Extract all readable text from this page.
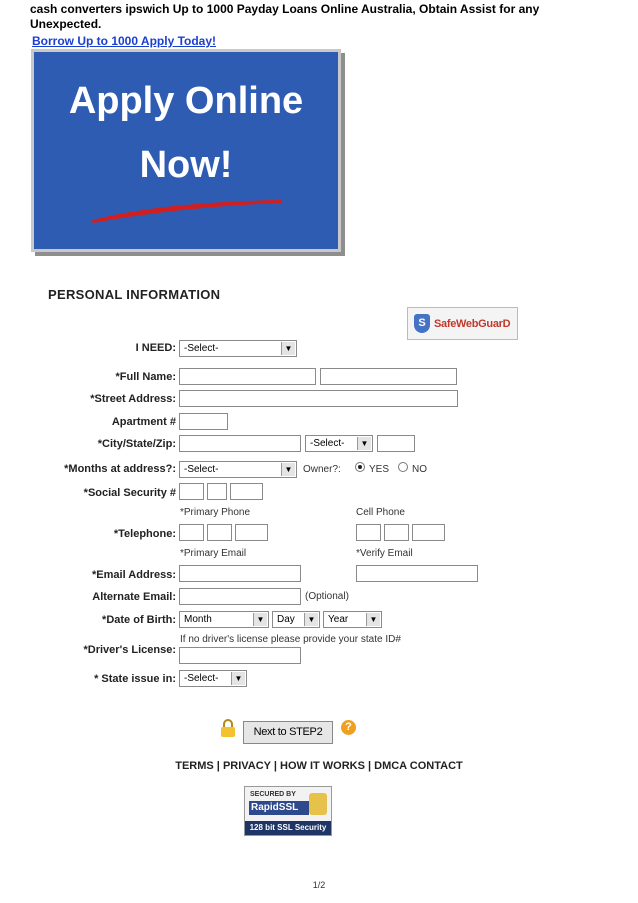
cash converters ipswich Up to 1000 Payday Loans Online Australia, Obtain Assist for any Unexpected.
Borrow Up to 1000 Apply Today!
Apply Online
Now!
PERSONAL INFORMATION
S SafeWebGuarD
I NEED: -Select-	▼
*Full Name:
*Street Address:
Apartment #
*City/State/Zip:	-Select-	▼
*Months at address?: -Select-	▼ Owner?:	YES NO
*Social Security #
*Primary Phone	Cell Phone
*Telephone:
*Primary Email	*Verify Email
*Email Address:
Alternate Email:	(Optional)
*Date of Birth: Month	▼	Day	▼	Year	▼
If no driver's license please provide your state ID#
*Driver's License:
* State issue in: -Select-	▼
Next to STEP2	?
TERMS | PRIVACY | HOW IT WORKS | DMCA CONTACT
SECURED BY
RapidSSL
128 bit SSL Security
1/2
